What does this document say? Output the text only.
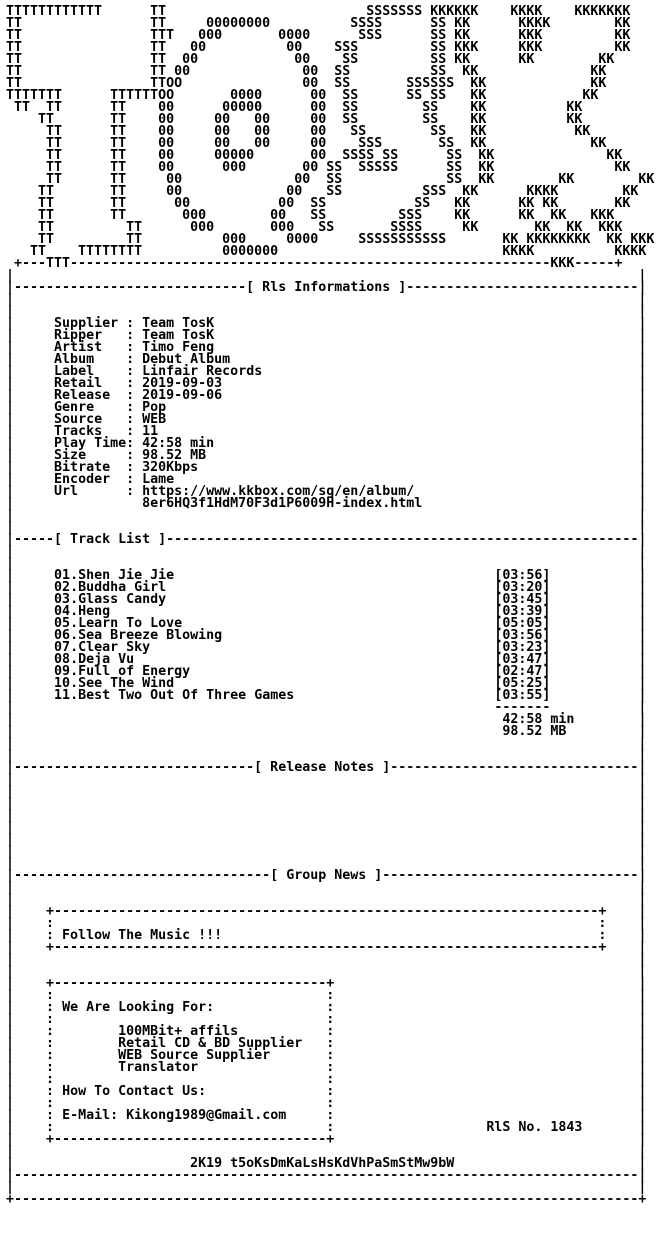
TTTTTTTTTTTT      TT                         SSSSSSS KKKKKK    KKKK    KKKKKKK
TT                TT     00000000          SSSS      SS KK      KKKK        KK
TT                TTT   000       0000      SSS      SS KK      KKK         KK
TT                TT   00          00    SSS         SS KKK     KKK         KK
TT                TT  00            00    SS         SS KK      KK        KK
TT                TT 00              00  SS          SS  KK              KK
TT                TTOO               00  SS       SSSSSS  KK             KK
TTTTTTT      TTTTTTOO       0000      00  SS      SS SS   KK            KK
TT  TT      TT    00      00000      00  SS        SS    KK          KK
TT       TT    00     00   00     00  SS        SS    KK          KK
TT      TT    00     00   00     00   SS        SS   KK           KK
TT      TT    00     00   00     00    SSS       SS  KK             KK
TT      TT    00     00000       00  SSSS SS      SS  KK              KK
TT      TT    00      000       00 SS  SSSSS      SS  KK               KK
TT      TT     00              00  SS             SS  KK        KK        KK
TT       TT     00             00   SS          SSS  KK      KKKK        KK
TT       TT      00           00  SS           SS   KK      KK KK       KK
TT       TT       000        00   SS         SSS    KK      KK  KK   KKK
TT         TT      000       000   SS       SSSS     KK       KK  KK  KKK
TT         TT          000     0000     SSSSSSSSSSS       KK KKKKKKKK  KK KKK
TT    TTTTTTTT          0000000                            KKKK          KKKK
+---TTT------------------------------------------------------------KKK-----+
|                                                                              |
|-----------------------------[ Rls Informations ]-----------------------------|
|                                                                              |
|                                                                              |
|     Supplier : Team TosK                                                     |
|     Ripper   : Team TosK                                                     |
|     Artist   : Timo Feng                                                     |
|     Album    : Debut Album                                                   |
|     Label    : Linfair Records                                               |
|     Retail   : 2019-09-03                                                    |
|     Release  : 2019-09-06                                                    |
|     Genre    : Pop                                                           |
|     Source   : WEB                                                           |
|     Tracks   : 11                                                            |
|     Play Time: 42:58 min                                                     |
|     Size     : 98.52 MB                                                      |
|     Bitrate  : 320Kbps                                                       |
|     Encoder  : Lame                                                          |
|     Url      : https://www.kkbox.com/sg/en/album/                            |
|                8er6HQ3f1HdM70F3d1P6009H-index.html                           |
|                                                                              |
|                                                                              |
|-----[ Track List ]-----------------------------------------------------------|
|                                                                              |
|                                                                              |
|     01.Shen Jie Jie                                        [03:56]           |
|     02.Buddha Girl                                         [03:20]           |
|     03.Glass Candy                                         [03:45]           |
|     04.Heng                                                [03:39]           |
|     05.Learn To Love                                       [05:05]           |
|     06.Sea Breeze Blowing                                  [03:56]           |
|     07.Clear Sky                                           [03:23]           |
|     08.Deja Vu                                             [03:47]           |
|     09.Full of Energy                                      [02:47]           |
|     10.See The Wind                                        [05:25]           |
|     11.Best Two Out Of Three Games                         [03:55]           |
|                                                            -------           |
|                                                             42:58 min        |
|                                                             98.52 MB         |
|                                                                              |
|                                                                              |
|------------------------------[ Release Notes ]-------------------------------|
|                                                                              |
|                                                                              |
|                                                                              |
|                                                                              |
|                                                                              |
|                                                                              |
|                                                                              |
|                                                                              |
|--------------------------------[ Group News ]--------------------------------|
|                                                                              |
|                                                                              |
|    +--------------------------------------------------------------------+    |
|    :                                                                    :    |
|    : Follow The Music !!!                                               :    |
|    +--------------------------------------------------------------------+    |
|                                                                              |
|                                                                              |
|    +----------------------------------+                                      |
|    :                                  :                                      |
|    : We Are Looking For:              :                                      |
|    :                                  :                                      |
|    :	100MBit+ affils           :                                      |
|    :	Retail CD & BD Supplier   :                                      |
|    :	WEB Source Supplier       :                                      |
|    :	Translator                :                                      |
|    :                                  :                                      |
|    : How To Contact Us:               :                                      |
|    :                                  :                                      |
|    : E-Mail: Kikong1989@Gmail.com     :                                      |
|    :                                  :                   RlS No. 1843       |
|    +----------------------------------+                                      |
|                                                                              |
|                      2K19 t5oKsDmKaLsHsKdVhPaSmStMw9bW                       |
|------------------------------------------------------------------------------|
|                                                                              |
+------------------------------------------------------------------------------+
